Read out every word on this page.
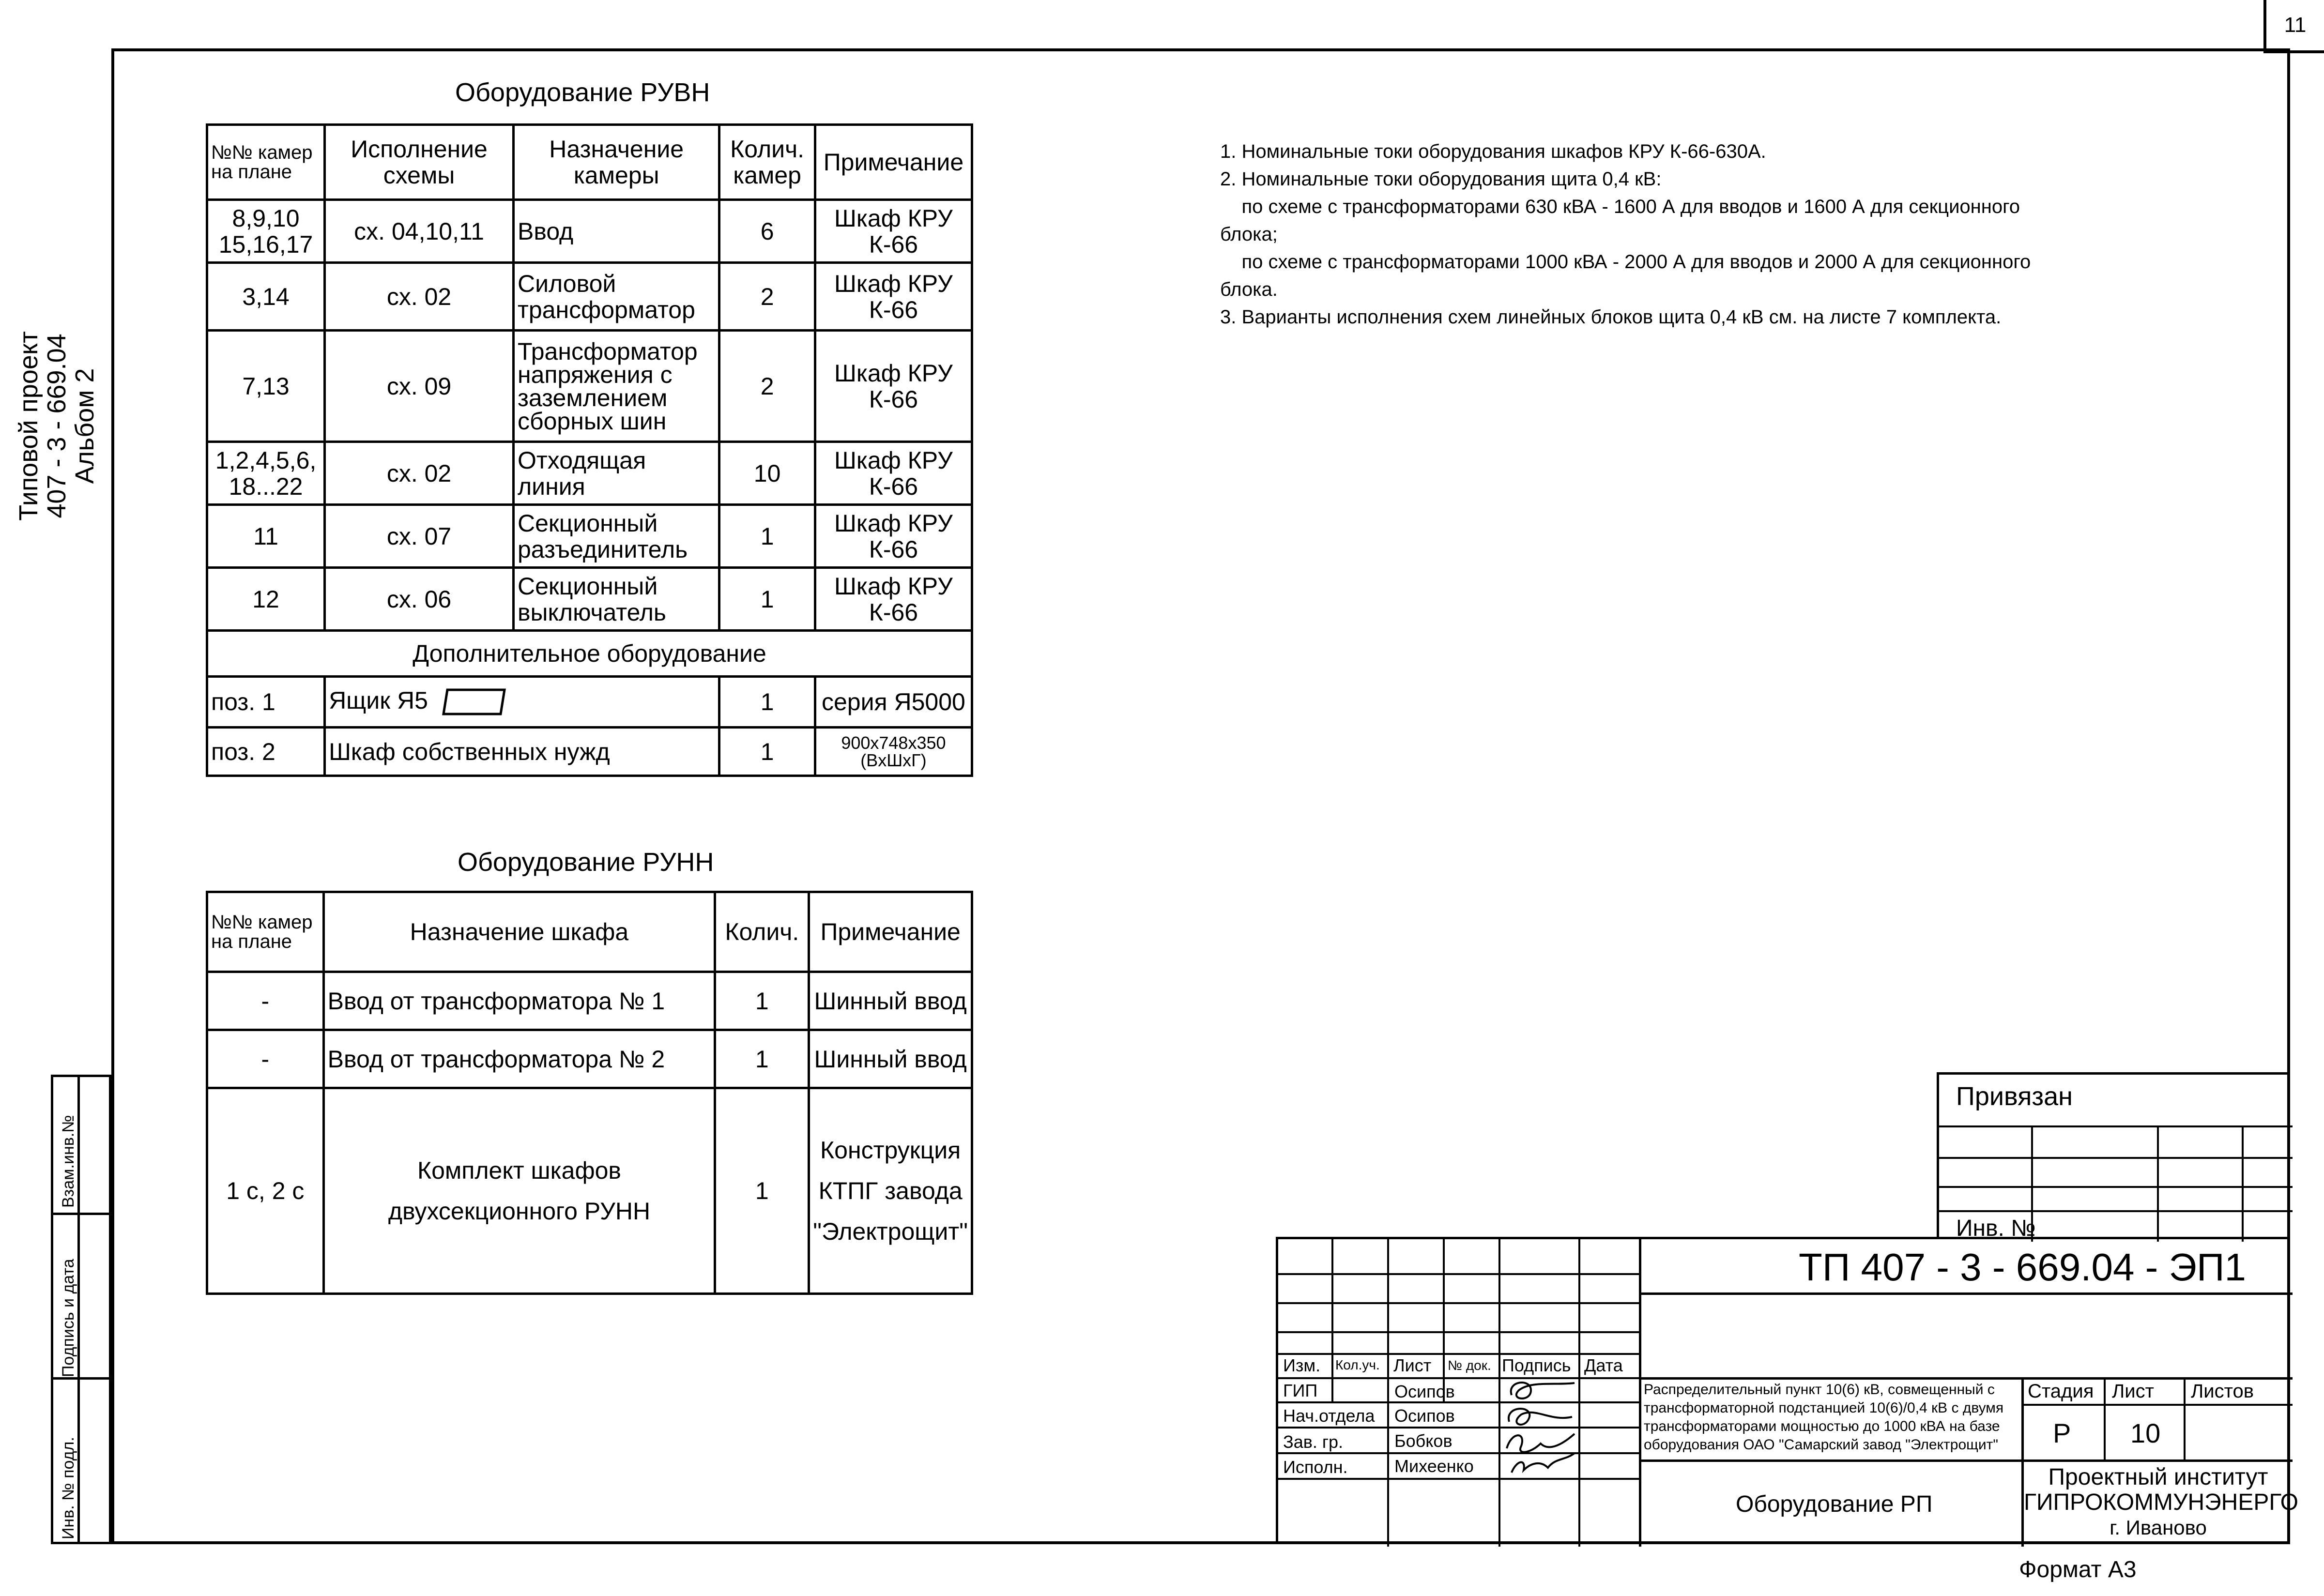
11
Типовой проект
407 - 3 - 669.04
Альбом 2
Взам.инв.№
Подпись и дата
Инв. № подл.
Оборудование РУВН
№№ камер на плане	Исполнение схемы	Назначение камеры	Колич. камер	Примечание
8,9,10 15,16,17	сх. 04,10,11	Ввод	6	Шкаф КРУ К-66
3,14	сх. 02	Силовой трансформатор	2	Шкаф КРУ К-66
7,13	сх. 09	Трансформатор напряжения с заземлением сборных шин	2	Шкаф КРУ К-66
1,2,4,5,6, 18...22	сх. 02	Отходящая линия	10	Шкаф КРУ К-66
11	сх. 07	Секционный разъединитель	1	Шкаф КРУ К-66
12	сх. 06	Секционный выключатель	1	Шкаф КРУ К-66
Дополнительное оборудование				
поз. 1	Ящик Я5		1	серия Я5000
поз. 2	Шкаф собственных нужд		1	900x748x350 (ВxШxГ)
Оборудование РУНН
№№ камер на плане	Назначение шкафа	Колич.	Примечание
-	Ввод от трансформатора № 1	1	Шинный ввод
-	Ввод от трансформатора № 2	1	Шинный ввод
1 с, 2 с	Комплект шкафов двухсекционного РУНН	1	Конструкция КТПГ завода "Электрощит"
1. Номинальные токи оборудования шкафов КРУ К-66-630А.
2. Номинальные токи оборудования щита 0,4 кВ:
по схеме с трансформаторами 630 кВА - 1600 А для вводов и 1600 А для секционного
блока;
по схеме с трансформаторами 1000 кВА - 2000 А для вводов и 2000 А для секционного
блока.
3. Варианты исполнения схем линейных блоков щита 0,4 кВ см. на листе 7 комплекта.
Привязан
Инв. №
ТП 407 - 3 - 669.04 - ЭП1
Изм. Кол.уч. Лист № док. Подпись Дата
ГИП	Осипов
Нач.отдела Осипов
Зав. гр.	Бобков
Исполн.	Михеенко
Распределительный пункт 10(6) кВ, совмещенный с
трансформаторной подстанцией 10(6)/0,4 кВ с двумя
трансформаторами мощностью до 1000 кВА на базе
оборудования ОАО "Самарский завод "Электрощит"
Стадия Лист Листов
Р 10
Оборудование РП
Проектный институт
ГИПРОКОММУНЭНЕРГО
г. Иваново
Формат А3
